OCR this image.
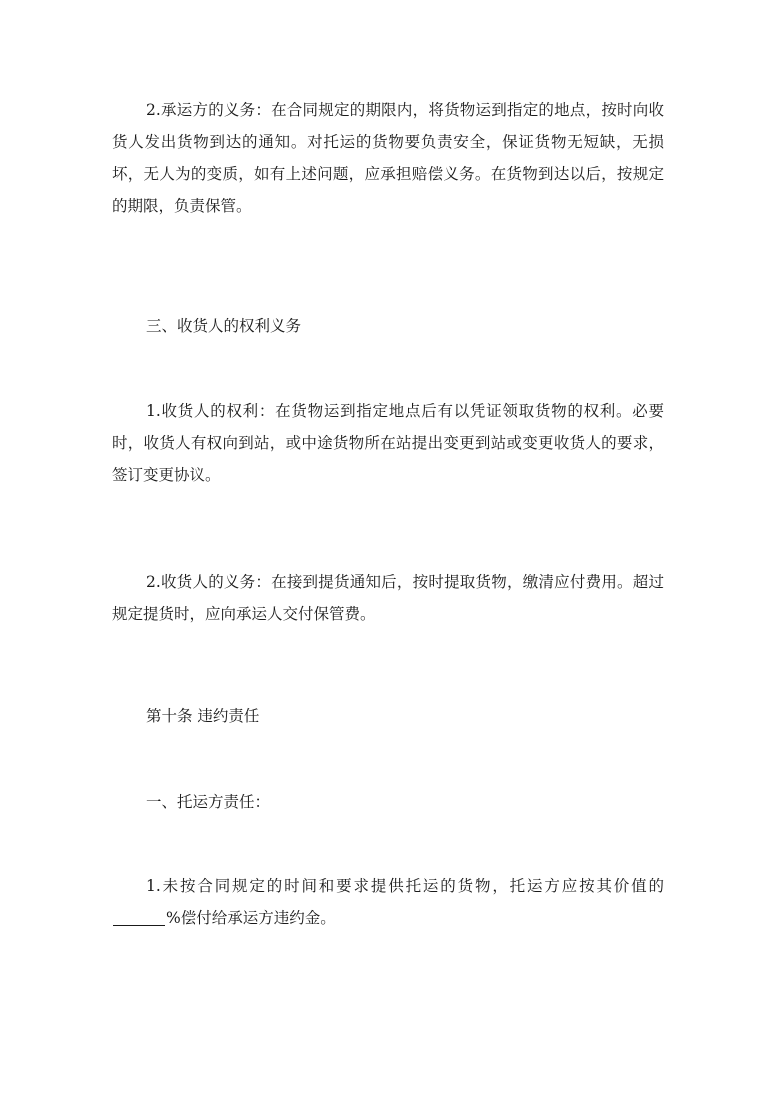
2.承运方的义务：在合同规定的期限内，将货物运到指定的地点，按时向收货人发出货物到达的通知。对托运的货物要负责安全，保证货物无短缺，无损坏，无人为的变质，如有上述问题，应承担赔偿义务。在货物到达以后，按规定的期限，负责保管。

三、收货人的权利义务

1.收货人的权利：在货物运到指定地点后有以凭证领取货物的权利。必要时，收货人有权向到站，或中途货物所在站提出变更到站或变更收货人的要求，签订变更协议。

2.收货人的义务：在接到提货通知后，按时提取货物，缴清应付费用。超过规定提货时，应向承运人交付保管费。

第十条 违约责任

一、托运方责任：

1.未按合同规定的时间和要求提供托运的货物，托运方应按其价值的%偿付给承运方违约金。
